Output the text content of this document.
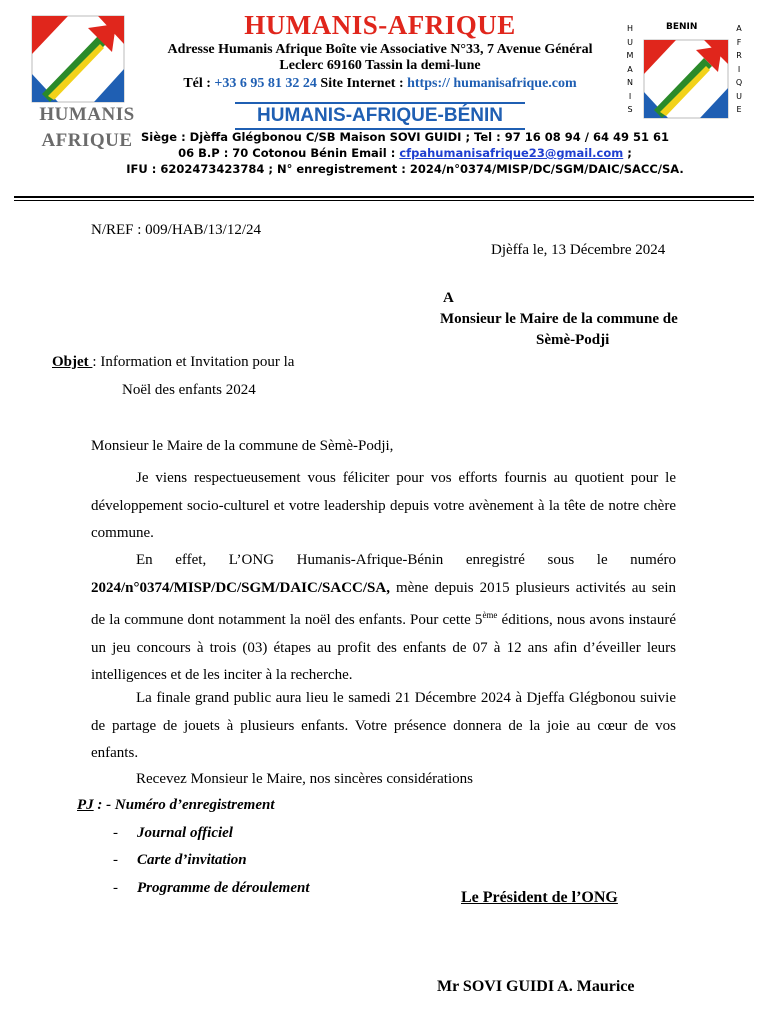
HUMANIS
AFRIQUE
HUMANIS-AFRIQUE
Adresse Humanis Afrique Boîte vie Associative N°33, 7 Avenue Général
Leclerc 69160 Tassin la demi-lune
Tél : +33 6 95 81 32 24 Site Internet : https:// humanisafrique.com
HUMANIS-AFRIQUE-BÉNIN
Siège : Djèffa Glégbonou C/SB Maison SOVI GUIDI ; Tel : 97 16 08 94 / 64 49 51 61
06 B.P : 70 Cotonou Bénin Email : cfpahumanisafrique23@gmail.com ;
IFU : 6202473423784 ; N° enregistrement : 2024/n°0374/MISP/DC/SGM/DAIC/SACC/SA.
H
U
M
A
N
I
S
BENIN	A
F
R
I
Q
U
E
N/REF : 009/HAB/13/12/24
Djèffa le, 13 Décembre 2024
A
Monsieur le Maire de la commune de
Sèmè-Podji
Objet : Information et Invitation pour la
Noël des enfants 2024
Monsieur le Maire de la commune de Sèmè-Podji,
Je viens respectueusement vous féliciter pour vos efforts fournis au quotient pour le développement socio-culturel et votre leadership depuis votre avènement à la tête de notre chère commune.
En effet, L’ONG Humanis-Afrique-Bénin enregistré sous le numéro 2024/n°0374/MISP/DC/SGM/DAIC/SACC/SA, mène depuis 2015 plusieurs activités au sein de la commune dont notamment la noël des enfants. Pour cette 5ème éditions, nous avons instauré un jeu concours à trois (03) étapes au profit des enfants de 07 à 12 ans afin d’éveiller leurs intelligences et de les inciter à la recherche.
La finale grand public aura lieu le samedi 21 Décembre 2024 à Djeffa Glégbonou suivie de partage de jouets à plusieurs enfants. Votre présence donnera de la joie au cœur de vos enfants.
Recevez Monsieur le Maire, nos sincères considérations
PJ : - Numéro d’enregistrement
- Journal officiel
- Carte d’invitation
- Programme de déroulement
Le Président de l’ONG
Mr SOVI GUIDI A. Maurice
